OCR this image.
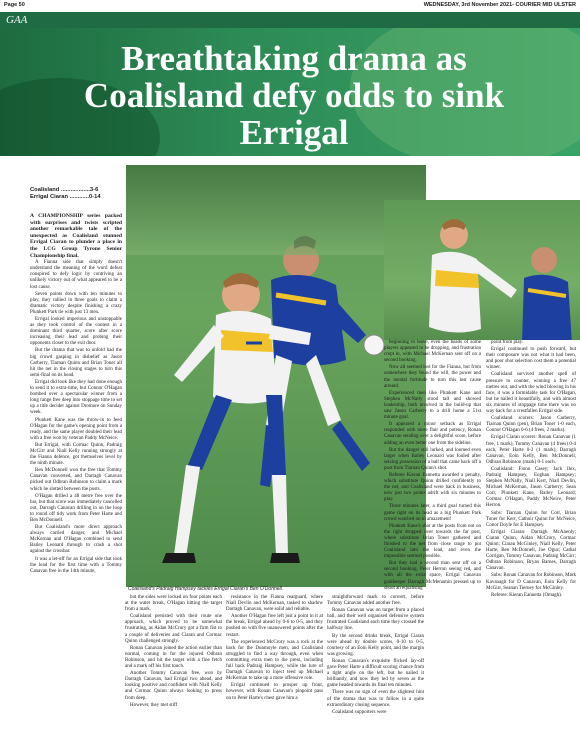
Page 50	WEDNESDAY, 3rd November 2021- COURIER MID ULSTER
GAA
Breathtaking drama as Coalisland defy odds to sink Errigal
Coalisland ..................3-6
Errigal Ciaran ............0-14

A CHAMPIONSHIP series packed with surprises and twists scripted another remarkable tale of the unexpected as Coalisland stunned Errigal Ciaran to plunder a place in the LCG Group Tyrone Senior Championship final.

A Fianna side that simply doesn't understand the meaning of the word defeat conspired to defy logic by contriving an unlikely victory out of what appeared to be a lost cause.

Seven points down with ten minutes to play, they rallied in three goals to claim a dramatic victory despite finishing a crazy Plunkett Park tie with just 13 men.

Errigal looked imperious and unstoppable as they took control of the contest in a dominant third quarter, score after score increasing their lead and probing their opponents closer to the exit door.

But the drama that was to unfold had the big crowd gasping in disbelief as Jason Carberry, Tiarnan Quinn and Brian Toner all hit the net in the closing stages to turn this semi-final on its head.

Errigal did look like they had done enough to send it to extra-time, but Connor O'Hagan bombed over a spectacular winner from a long range free deep into stoppage time to set up a title decider against Dromore on Sunday week.

Plunkett Kane was the throw-in to feed O'Hagan for the game's opening point from a ready, and the same player doubled their lead with a free won by veteran Paddy McNeice.

But Errigal, with Cormac Quinn, Padraig McGirr and Niall Kelly running strongly at the Fianna defence, got themselves level by the ninth minute.

Ben McDonnell won the free that Tommy Canavan converted, and Darragh Canavan picked out Odhran Robinson to claim a mark which he slotted between the posts.

O'Hagan drilled a 48 metre free over the bar, but that score was immediately cancelled out, Darragh Canavan drilling in on the loop to round off tidy work from Peter Harte and Ben McDonnell.

But Coalisland's more direct approach always carried danger, and Michael McKernan and O'Hagan combined to send Bailey Leonard through to crash a shot against the crossbar.

It was a let-off for an Errigal side that took the lead for the first time with a Tommy Canavan free in the 14th minute,

Coalisland's Padraig Hampsey tackles Errigal Ciaran's Ben O'Donnell.

beginning to leave, even the heads of some players appeared to be dropping, and frustration crept in, with Michael McKernan sent off on a second booking.

Now all seemed lost for the Fianna, but from somewhere they found the will, the power and the mental fortitude to turn this lost cause around.

Experienced men like Plunkett Kane and Stephen McNally stood tall and showed leadership, both involved in the build-up that saw Jason Carberry to a drill home a 51st minute goal.

It appeared a minor setback as Errigal responded with more flair and potency, Ronan Canavan sending over a delightful score, before adding an even better one from the sideline.

But the danger still lurked, and loomed even larger when Bailey Leonard was fouled after seizing possession of a ball that came back off a post from Tiarnan Quinn's shot.

Referee Kieran Eannetta awarded a penalty, which substitute Quinn drilled confidently to the net, and Coalisland were back in business, now just two points adrift with six minutes to play.

Three minutes later, a third goal turned this game right on its head as a big Plunkett Park crowd watched on in amazement!

Plunkett Kane's shot at the posts from out on the right dropped over towards the far post, where substitute Brian Toner gathered and finished to the net from close range to put Coalisland into the lead, and even the impossible seemed possible.

But they had a second man sent off on a second booking, Peter Herron seeing red, and with all the extra space, Errigal Canavan goalkeeper Darragh McMenamin pressed up to shoot an equalising

point from play.

Errigal continued to push forward, but their composure was not what it had been, and poor shot selection cost them a potential winner.

Coalisland survived another spell of pressure to counter, winning a free 47 metres out, and with the wind blowing in his face, it was a formidable task for O'Hagan, but he nailed it beautifully, and with almost six minutes of stoppage time there was no way back for a crestfallen Errigal side.

Coalisland scorers: Jason Carberry, Tiarnan Quinn (pen), Brian Toner 1-0 each, Connor O'Hagan 0-6 (4 frees, 2 marks).

Errigal Ciaran scorers: Ronan Canavan (1 free, 1 mark), Tommy Canavan (4 frees) 0-4 each, Peter Harte 0-2 (1 mark), Darragh Canavan, Eoin Kelly, Ben McDonnell, Odhran Robinson (mark) 0-1 each.

Coalisland: Fionn Casey; Jack Ilex, Padraig Hampsey, Eoghan Hampsey; Stephen McNally, Niall Kerr, Niall Devlin, Michael McKernan, Jason Carberry; Sean Corr, Plunkett Kane, Bailey Leonard; Cormac O'Hagan, Paddy McNeice, Peter Herron.

Subs: Tiarnan Quinn for Corr, Brian Toner for Kerr, Cathoir Quinn for McNeice, Conor Doyle for E Hampsey.

Errigal Ciaran: Darragh McAnenly; Ciaran Quinn, Aidan McCrory, Cormac Quinn; Ciaran McGinley, Niall Kelly, Peter Harte; Ben McDonnell, Joe Oguz; Cathal Corrigan, Tommy Canavan, Padraig McGirr; Odhran Robinson, Bryan Barnes, Darragh Canavan.

Subs: Ronan Canavan for Robinson, Mark Kavanagh for D Canavan, Eoin Kelly for McGirr, Seanan Tierney for McGinley.

Referee: Kieran Eannetta (Omagh).

but the sides were locked on four points each at the water break, O'Hagan hitting the target from a mark.

Coalisland persisted with their route one approach, which proved to be somewhat frustrating, as Aidan McCrory got a firm fist to a couple of deliveries and Ciaran and Cormac Quinn challenged strongly.

Ronan Canavan joined the action earlier than normal, coming in for the injured Odhran Robinson, and hit the target with a fine fetch and a mark off his first touch.

Another Tommy Canavan free, won by Darragh Canavan, had Errigal two ahead, and looking positive and confident with Niall Kelly and Cormac Quinn always looking to press from deep.

However, they met stiff

resistance in the Fianna rearguard, where Niall Devlin and McKernan, tasked to shadow Darragh Canavan, were solid and reliable.

Another O'Hagan free left just a point in it at the break, Errigal ahead by 0-6 to 0-5, and they pushed on with five unanswered points after the restart.

The experienced McCrory was a rock at the back for the Dunmoyle men, and Coalisland struggled to find a way through, even when committing extra men to the press, including full back Padraig Hampsey, while the lure of Darragh Canavan to inject teed up Michael McKernan to take up a more offensive role.

Errigal continued to prosper up front, however, with Ronan Canavan's pinpoint pass on to Peter Harte's chest gave him a

straightforward mark to convert, before Tommy Canavan added another free.

Ronan Canavan was on target from a placed ball, and their well organised defensive system frustrated Coalisland each time they crossed the halfway line.

By the second drinks break, Errigal Ciaran were ahead by double scores, 0-10 to 0-5, courtesy of an Eoin Kelly point, and the margin was growing.

Ronan Canavan's exquisite flicked lay-off gave Peter Harte a difficult scoring chance from a tight angle on the left, but he nailed it brilliantly, and now they led by seven as the game headed towards its final ten minutes.

There was no sign of even the slightest hint of the drama that was to follow in a quite extraordinary closing sequence.

Coalisland supporters were
